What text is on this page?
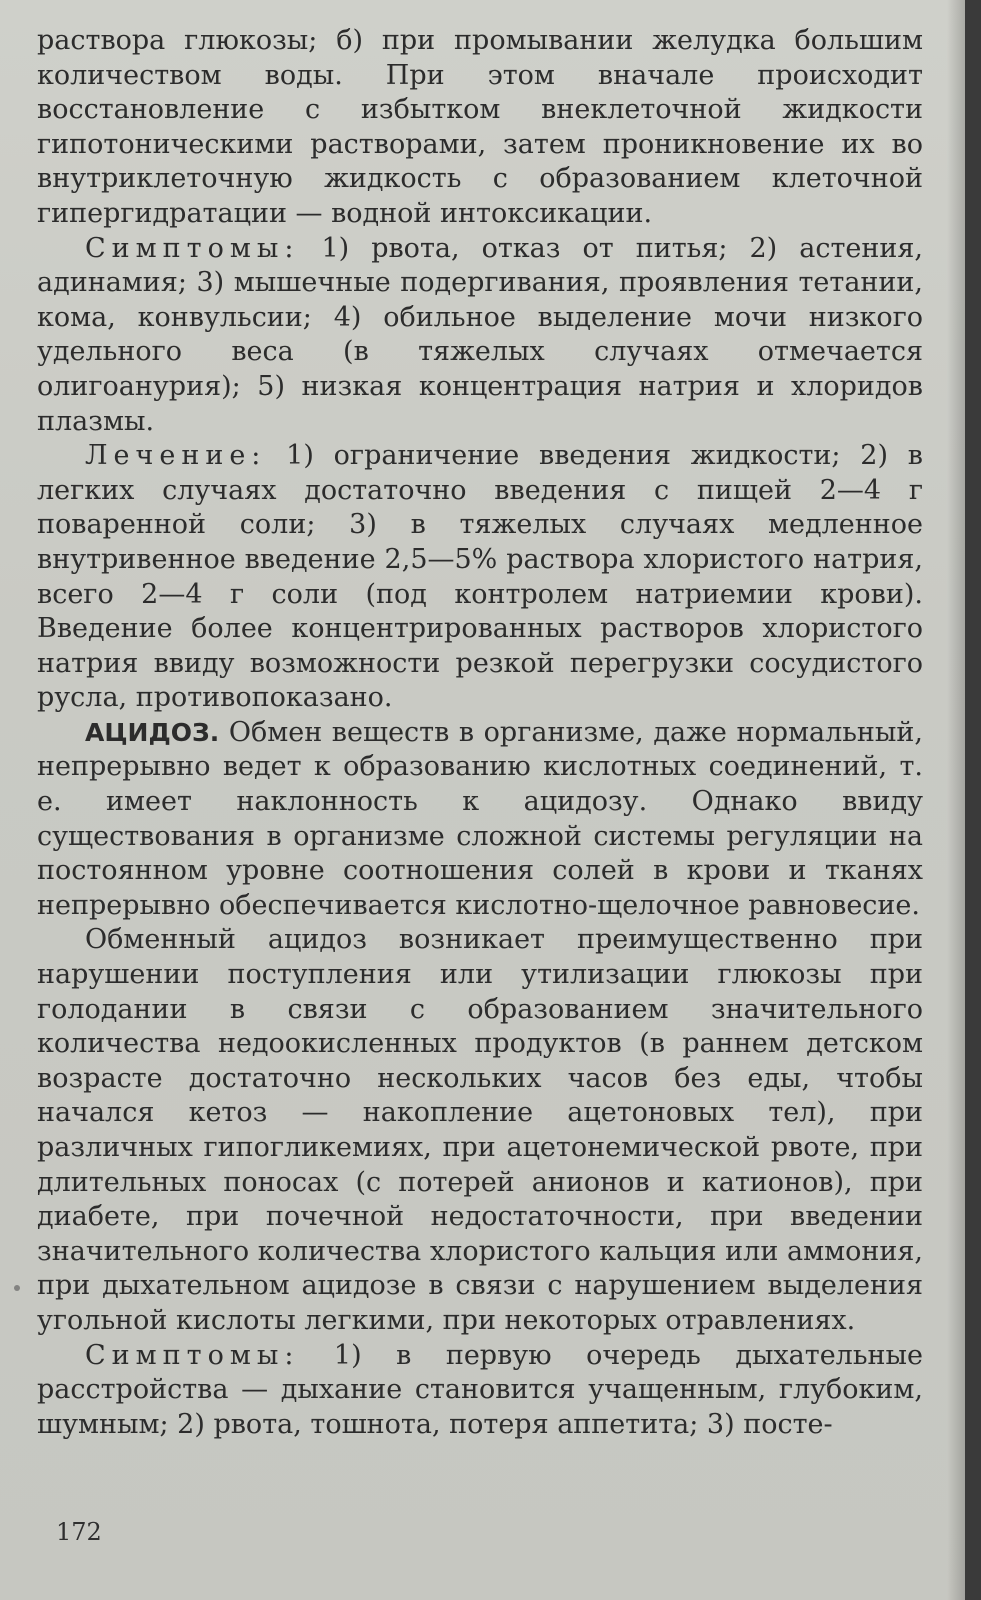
раствора глюкозы; б) при промывании желудка большим количеством воды. При этом вначале происходит восстановление с избытком внеклеточной жидкости гипотоническими растворами, затем проникновение их во внутриклеточную жидкость с образованием клеточной гипергидратации — водной интоксикации.

Симптомы: 1) рвота, отказ от питья; 2) астения, адинамия; 3) мышечные подергивания, проявления тетании, кома, конвульсии; 4) обильное выделение мочи низкого удельного веса (в тяжелых случаях отмечается олигоанурия); 5) низкая концентрация натрия и хлоридов плазмы.

Лечение: 1) ограничение введения жидкости; 2) в легких случаях достаточно введения с пищей 2—4 г поваренной соли; 3) в тяжелых случаях медленное внутривенное введение 2,5—5% раствора хлористого натрия, всего 2—4 г соли (под контролем натриемии крови). Введение более концентрированных растворов хлористого натрия ввиду возможности резкой перегрузки сосудистого русла, противопоказано.

АЦИДОЗ. Обмен веществ в организме, даже нормальный, непрерывно ведет к образованию кислотных соединений, т. е. имеет наклонность к ацидозу. Однако ввиду существования в организме сложной системы регуляции на постоянном уровне соотношения солей в крови и тканях непрерывно обеспечивается кислотно-щелочное равновесие.

Обменный ацидоз возникает преимущественно при нарушении поступления или утилизации глюкозы при голодании в связи с образованием значительного количества недоокисленных продуктов (в раннем детском возрасте достаточно нескольких часов без еды, чтобы начался кетоз — накопление ацетоновых тел), при различных гипогликемиях, при ацетонемической рвоте, при длительных поносах (с потерей анионов и катионов), при диабете, при почечной недостаточности, при введении значительного количества хлористого кальция или аммония, при дыхательном ацидозе в связи с нарушением выделения угольной кислоты легкими, при некоторых отравлениях.

Симптомы: 1) в первую очередь дыхательные расстройства — дыхание становится учащенным, глубоким, шумным; 2) рвота, тошнота, потеря аппетита; 3) посте-

172
